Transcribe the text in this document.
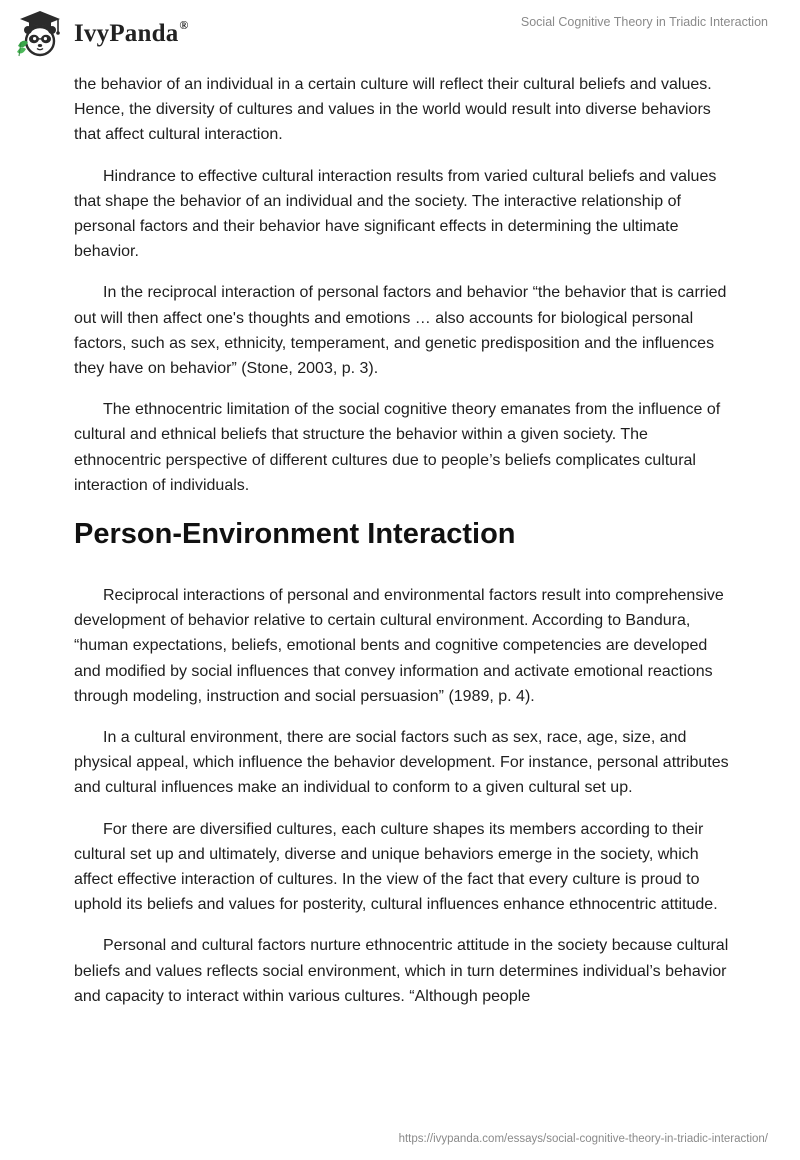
IvyPanda®	Social Cognitive Theory in Triadic Interaction

the behavior of an individual in a certain culture will reflect their cultural beliefs and values. Hence, the diversity of cultures and values in the world would result into diverse behaviors that affect cultural interaction.

Hindrance to effective cultural interaction results from varied cultural beliefs and values that shape the behavior of an individual and the society. The interactive relationship of personal factors and their behavior have significant effects in determining the ultimate behavior.

In the reciprocal interaction of personal factors and behavior “the behavior that is carried out will then affect one's thoughts and emotions … also accounts for biological personal factors, such as sex, ethnicity, temperament, and genetic predisposition and the influences they have on behavior” (Stone, 2003, p. 3).

The ethnocentric limitation of the social cognitive theory emanates from the influence of cultural and ethnical beliefs that structure the behavior within a given society. The ethnocentric perspective of different cultures due to people’s beliefs complicates cultural interaction of individuals.

Person-Environment Interaction

Reciprocal interactions of personal and environmental factors result into comprehensive development of behavior relative to certain cultural environment. According to Bandura, “human expectations, beliefs, emotional bents and cognitive competencies are developed and modified by social influences that convey information and activate emotional reactions through modeling, instruction and social persuasion” (1989, p. 4).

In a cultural environment, there are social factors such as sex, race, age, size, and physical appeal, which influence the behavior development. For instance, personal attributes and cultural influences make an individual to conform to a given cultural set up.

For there are diversified cultures, each culture shapes its members according to their cultural set up and ultimately, diverse and unique behaviors emerge in the society, which affect effective interaction of cultures. In the view of the fact that every culture is proud to uphold its beliefs and values for posterity, cultural influences enhance ethnocentric attitude.

Personal and cultural factors nurture ethnocentric attitude in the society because cultural beliefs and values reflects social environment, which in turn determines individual’s behavior and capacity to interact within various cultures. “Although people

https://ivypanda.com/essays/social-cognitive-theory-in-triadic-interaction/
